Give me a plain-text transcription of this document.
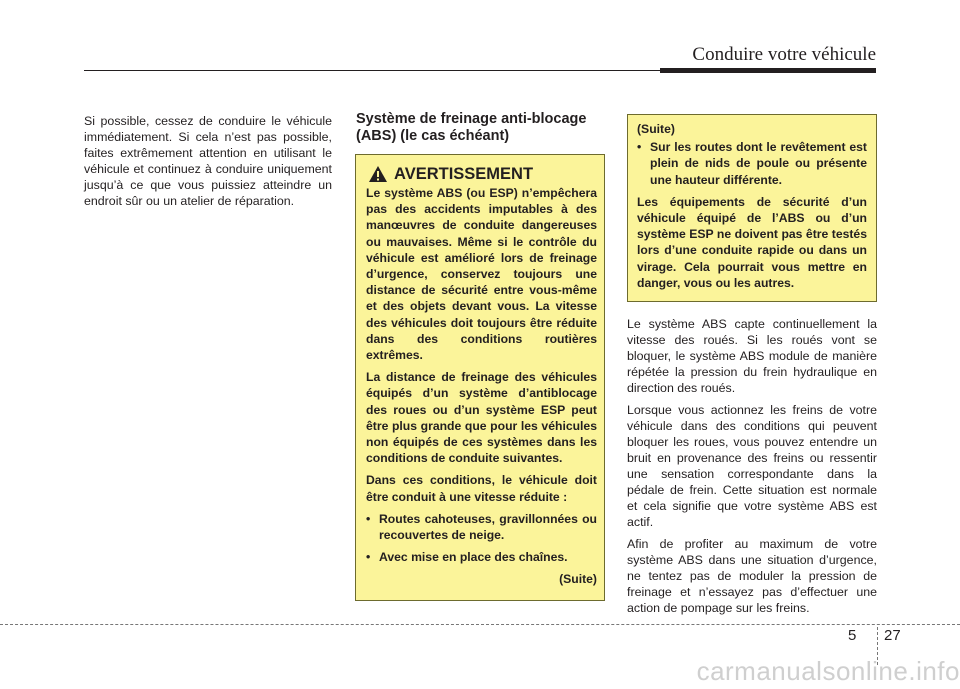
Conduire votre véhicule

Si possible, cessez de conduire le véhicule immédiatement. Si cela n’est pas possible, faites extrêmement attention en utilisant le véhicule et continuez à conduire uniquement jusqu’à ce que vous puissiez atteindre un endroit sûr ou un atelier de réparation.

Système de freinage anti-blocage (ABS) (le cas échéant)
AVERTISSEMENT

Le système ABS (ou ESP) n’empêchera pas des accidents imputables à des manœuvres de conduite dangereuses ou mauvaises. Même si le contrôle du véhicule est amélioré lors de freinage d’urgence, conservez toujours une distance de sécurité entre vous-même et des objets devant vous. La vitesse des véhicules doit toujours être réduite dans des conditions routières extrêmes.

La distance de freinage des véhicules équipés d’un système d’antiblocage des roues ou d’un système ESP peut être plus grande que pour les véhicules non équipés de ces systèmes dans les conditions de conduite suivantes.

Dans ces conditions, le véhicule doit être conduit à une vitesse réduite :

• Routes cahoteuses, gravillonnées ou recouvertes de neige.
• Avec mise en place des chaînes.
(Suite)
(Suite)
• Sur les routes dont le revêtement est plein de nids de poule ou présente une hauteur différente.

Les équipements de sécurité d’un véhicule équipé de l’ABS ou d’un système ESP ne doivent pas être testés lors d’une conduite rapide ou dans un virage. Cela pourrait vous mettre en danger, vous ou les autres.

Le système ABS capte continuellement la vitesse des roués. Si les roués vont se bloquer, le système ABS module de manière répétée la pression du frein hydraulique en direction des roués.

Lorsque vous actionnez les freins de votre véhicule dans des conditions qui peuvent bloquer les roues, vous pouvez entendre un bruit en provenance des freins ou ressentir une sensation correspondante dans la pédale de frein. Cette situation est normale et cela signifie que votre système ABS est actif.

Afin de profiter au maximum de votre système ABS dans une situation d’urgence, ne tentez pas de moduler la pression de freinage et n’essayez pas d’effectuer une action de pompage sur les freins.

5 27
carmanualsonline.info
